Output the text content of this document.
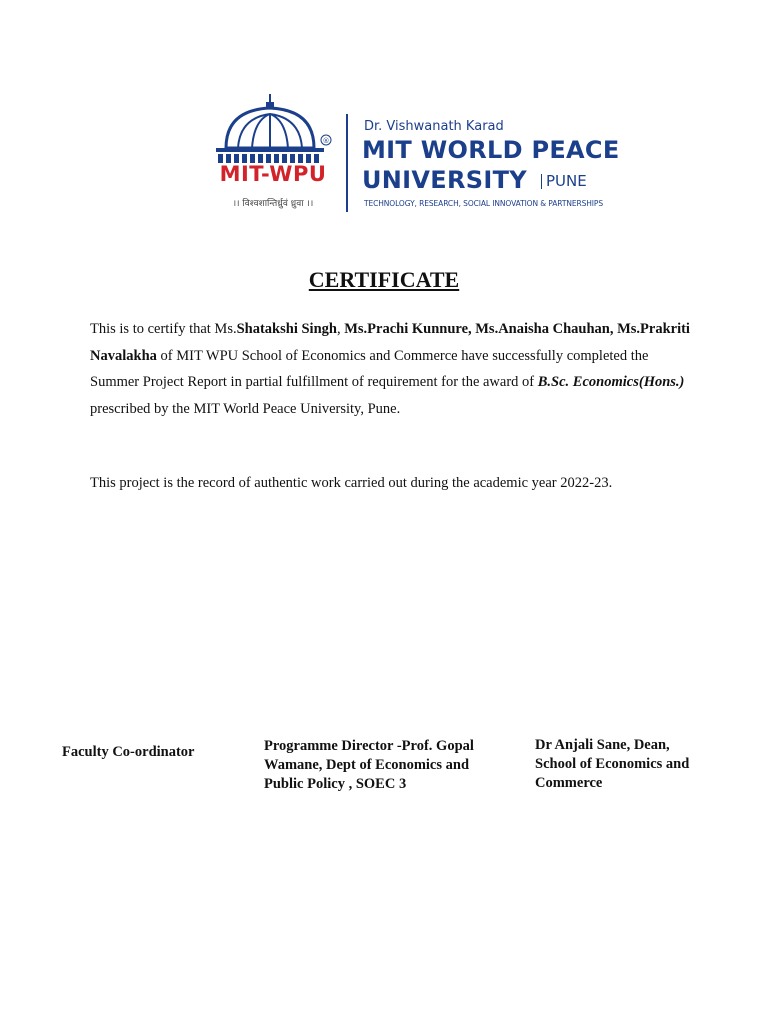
®
MIT-WPU
।। विश्वशान्तिर्ध्रुवं ध्रुवा ।।
Dr. Vishwanath Karad
MIT WORLD PEACE
UNIVERSITY	PUNE
TECHNOLOGY, RESEARCH, SOCIAL INNOVATION & PARTNERSHIPS
CERTIFICATE
This is to certify that Ms.Shatakshi Singh, Ms.Prachi Kunnure, Ms.Anaisha Chauhan, Ms.Prakriti Navalakha of MIT WPU School of Economics and Commerce have successfully completed the Summer Project Report in partial fulfillment of requirement for the award of B.Sc. Economics(Hons.) prescribed by the MIT World Peace University, Pune.
This project is the record of authentic work carried out during the academic year 2022-23.
Faculty Co-ordinator	Programme Director -Prof. Gopal Wamane, Dept of Economics and Public Policy , SOEC 3
Dr Anjali Sane, Dean, School of Economics and Commerce
